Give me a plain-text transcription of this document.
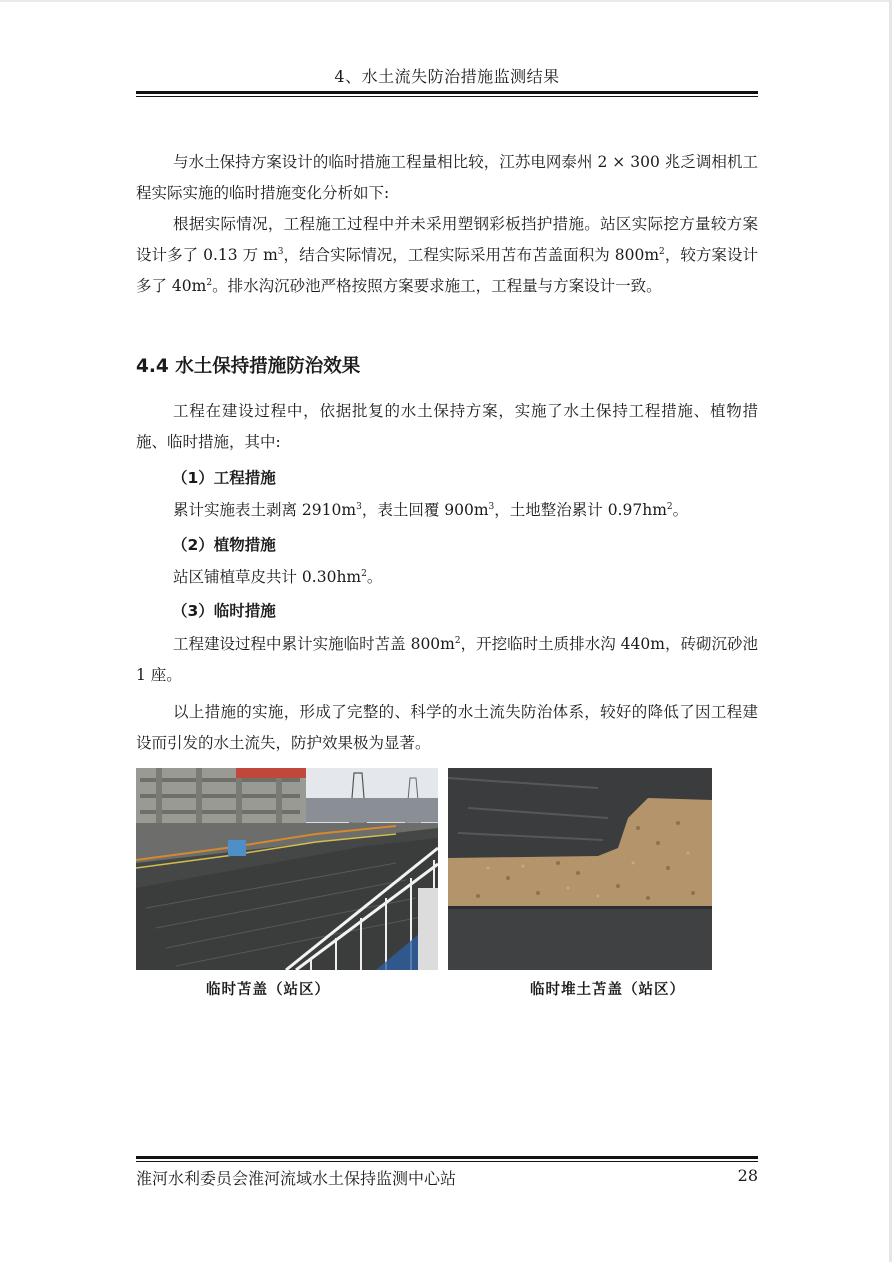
4、水土流失防治措施监测结果

与水土保持方案设计的临时措施工程量相比较，江苏电网泰州 2 × 300 兆乏调相机工程实际实施的临时措施变化分析如下:

根据实际情况，工程施工过程中并未采用塑钢彩板挡护措施。站区实际挖方量较方案设计多了 0.13 万 $m^3$，结合实际情况，工程实际采用苫布苫盖面积为 $800m^2$，较方案设计多了 $40m^2$。排水沟沉砂池严格按照方案要求施工，工程量与方案设计一致。

4.4 水土保持措施防治效果

工程在建设过程中，依据批复的水土保持方案，实施了水土保持工程措施、植物措施、临时措施，其中:

（1）工程措施

累计实施表土剥离 $2910m^3$，表土回覆 $900m^3$，土地整治累计 $0.97hm^2$。

（2）植物措施

站区铺植草皮共计 $0.30hm^2$。

（3）临时措施

工程建设过程中累计实施临时苫盖 $800m^2$，开挖临时土质排水沟 440m，砖砌沉砂池 1 座。

以上措施的实施，形成了完整的、科学的水土流失防治体系，较好的降低了因工程建设而引发的水土流失，防护效果极为显著。

临时苫盖（站区）	临时堆土苫盖（站区）
淮河水利委员会淮河流域水土保持监测中心站	28
